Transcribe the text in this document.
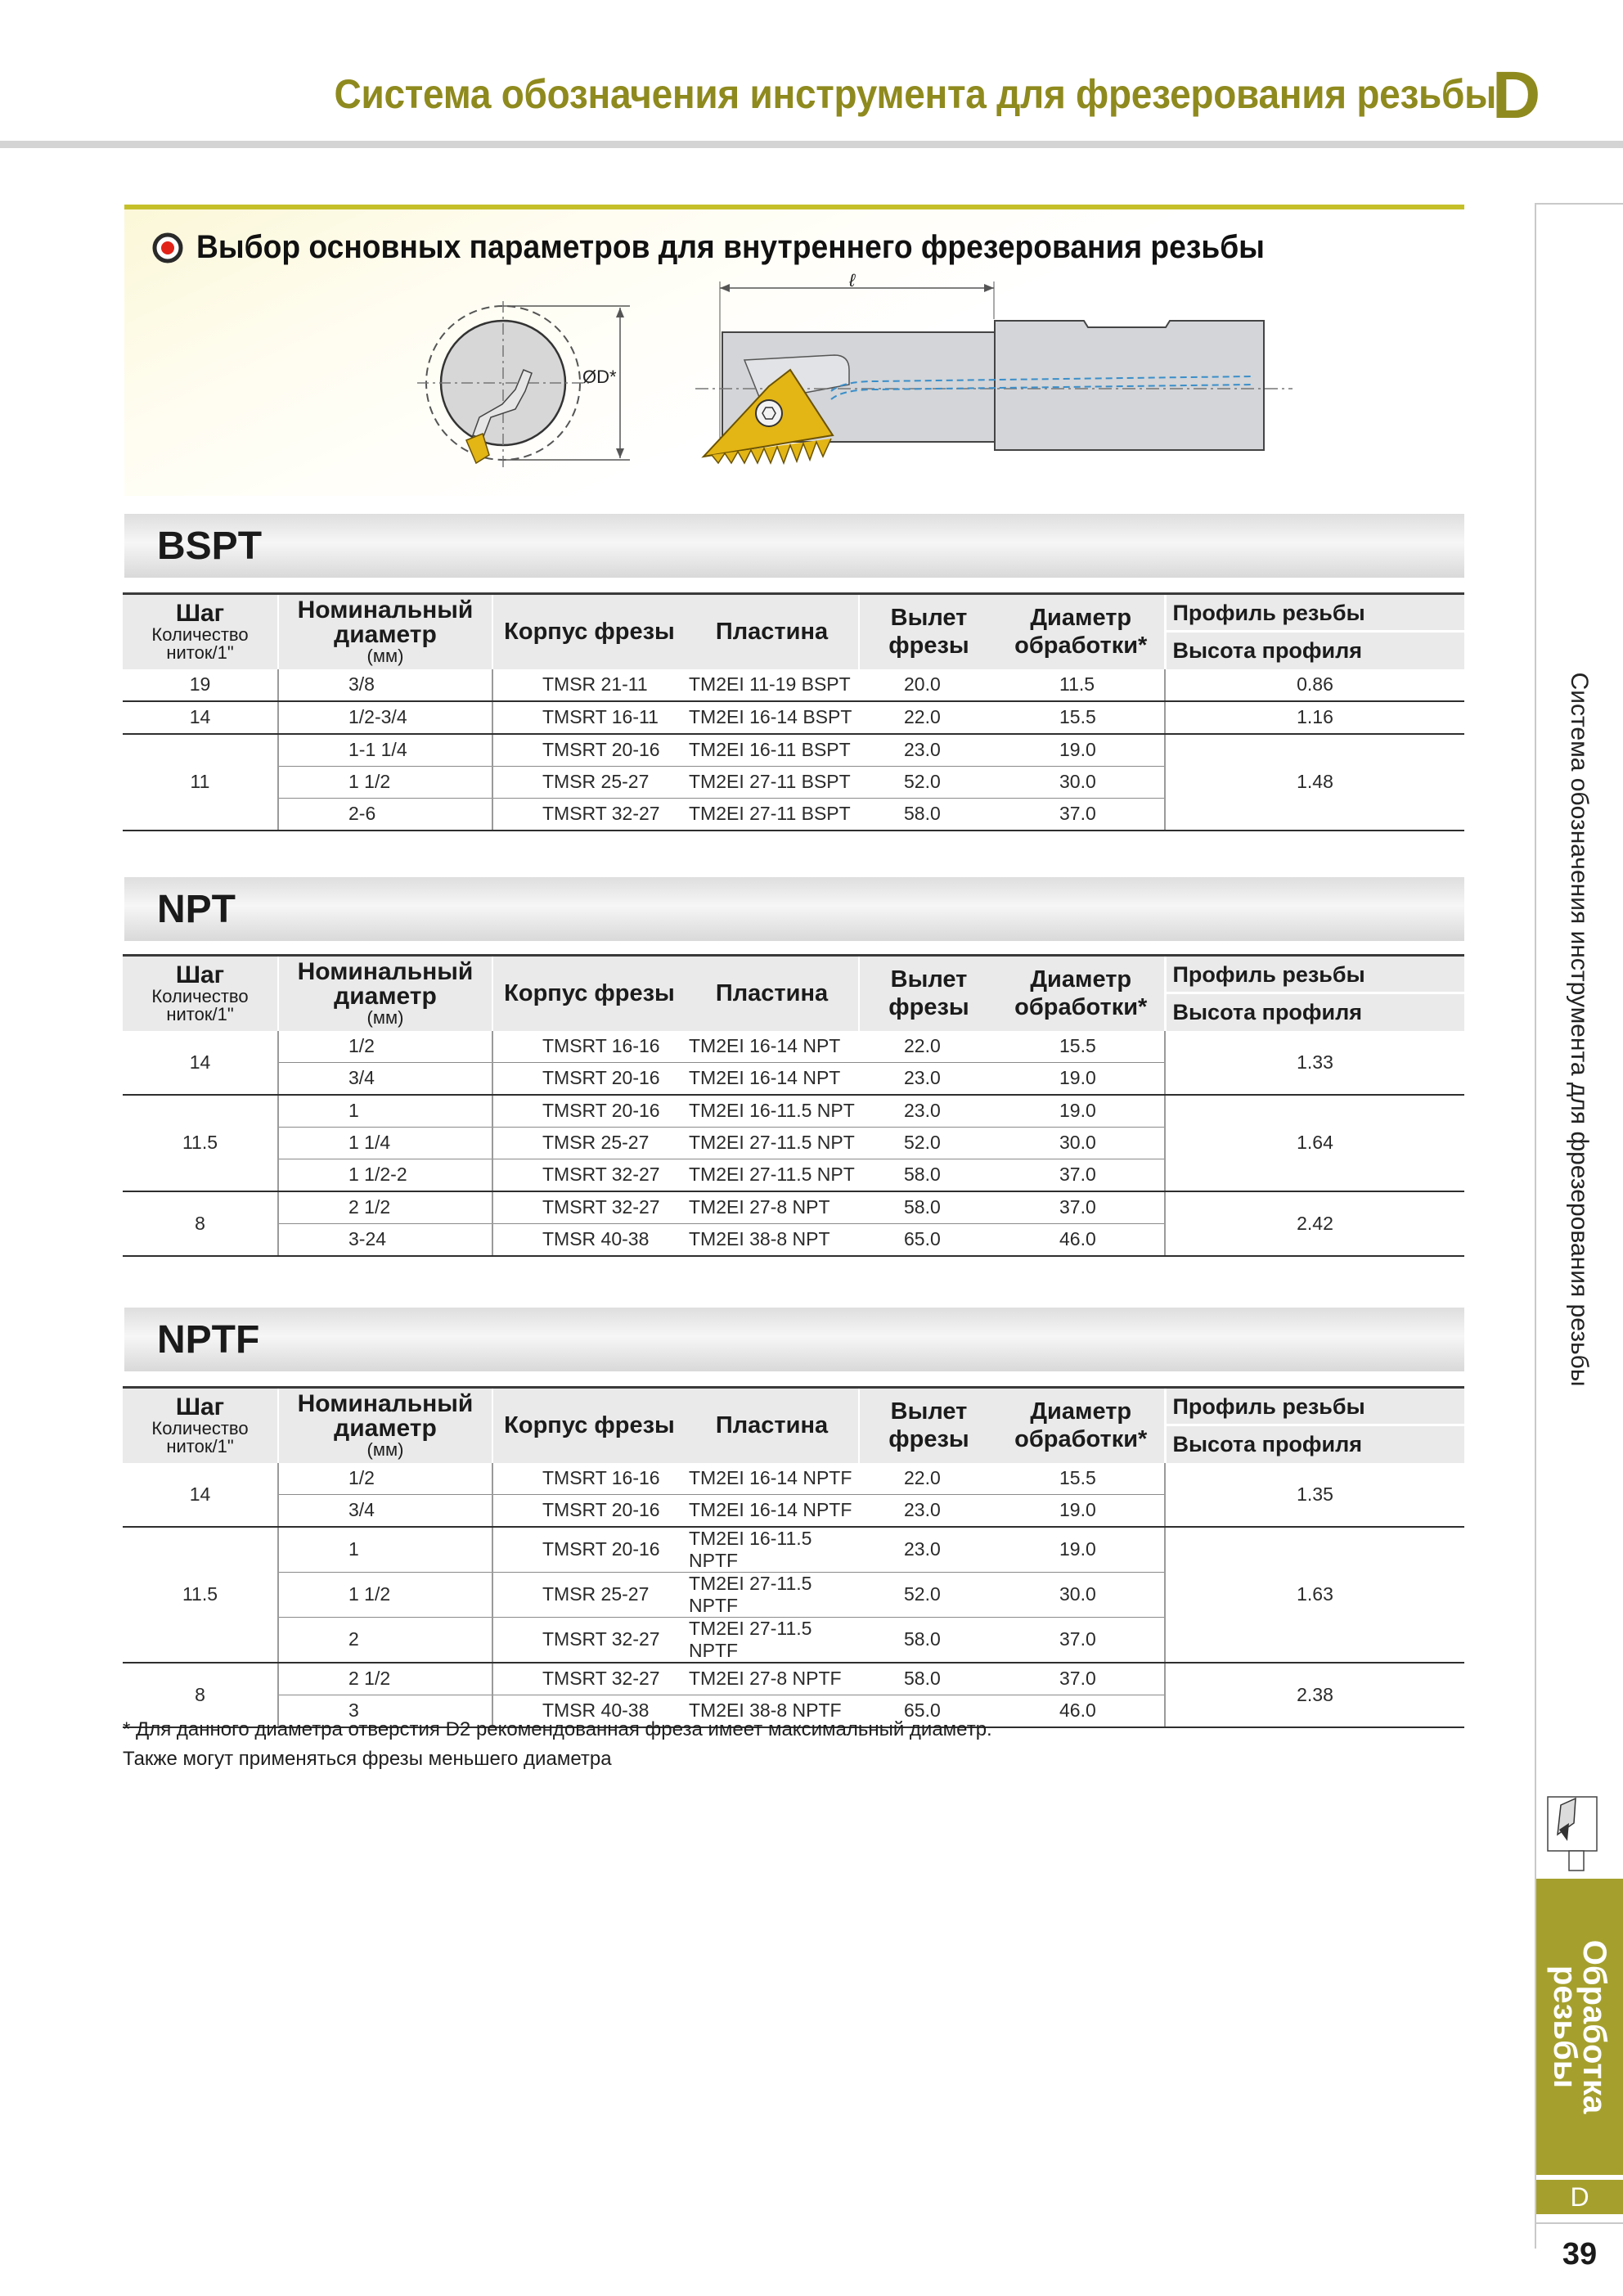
Система обозначения инструмента для фрезерования резьбы
D
Система обозначения инструмента для фрезерования резьбы
Обработка
резьбы
D
39
Выбор основных параметров для внутреннего фрезерования резьбы
ØD*
ℓ
BSPT
Шаг
Количество
ниток/1"	Номинальный
диаметр
(мм)	Корпус фрезы	Пластина	Вылет
фрезы	Диаметр
обработки*	Профиль резьбы

						Высота профиля

19	3/8	TMSR 21-11	TM2EI 11-19 BSPT	20.0	11.5	0.86
14	1/2-3/4	TMSRT 16-11	TM2EI 16-14 BSPT	22.0	15.5	1.16
11	1-1 1/4	TMSRT 20-16	TM2EI 16-11 BSPT	23.0	19.0	1.48
	1 1/2	TMSR 25-27	TM2EI 27-11 BSPT	52.0	30.0	
	2-6	TMSRT 32-27	TM2EI 27-11 BSPT	58.0	37.0	
NPT
Шаг
Количество
ниток/1"	Номинальный
диаметр
(мм)	Корпус фрезы	Пластина	Вылет
фрезы	Диаметр
обработки*	Профиль резьбы

						Высота профиля

14	1/2	TMSRT 16-16	TM2EI 16-14 NPT	22.0	15.5	1.33
	3/4	TMSRT 20-16	TM2EI 16-14 NPT	23.0	19.0	
11.5	1	TMSRT 20-16	TM2EI 16-11.5 NPT	23.0	19.0	1.64
	1 1/4	TMSR 25-27	TM2EI 27-11.5 NPT	52.0	30.0	
	1 1/2-2	TMSRT 32-27	TM2EI 27-11.5 NPT	58.0	37.0	
8	2 1/2	TMSRT 32-27	TM2EI 27-8 NPT	58.0	37.0	2.42
	3-24	TMSR 40-38	TM2EI 38-8 NPT	65.0	46.0	
NPTF
Шаг
Количество
ниток/1"	Номинальный
диаметр
(мм)	Корпус фрезы	Пластина	Вылет
фрезы	Диаметр
обработки*	Профиль резьбы

						Высота профиля

14	1/2	TMSRT 16-16	TM2EI 16-14 NPTF	22.0	15.5	1.35
	3/4	TMSRT 20-16	TM2EI 16-14 NPTF	23.0	19.0	
11.5	1	TMSRT 20-16	TM2EI 16-11.5 NPTF	23.0	19.0	1.63
	1 1/2	TMSR 25-27	TM2EI 27-11.5 NPTF	52.0	30.0	
	2	TMSRT 32-27	TM2EI 27-11.5 NPTF	58.0	37.0	
8	2 1/2	TMSRT 32-27	TM2EI 27-8 NPTF	58.0	37.0	2.38
	3	TMSR 40-38	TM2EI 38-8 NPTF	65.0	46.0	
* Для данного диаметра отверстия D2 рекомендованная фреза имеет максимальный диаметр.
Также могут применяться фрезы меньшего диаметра
